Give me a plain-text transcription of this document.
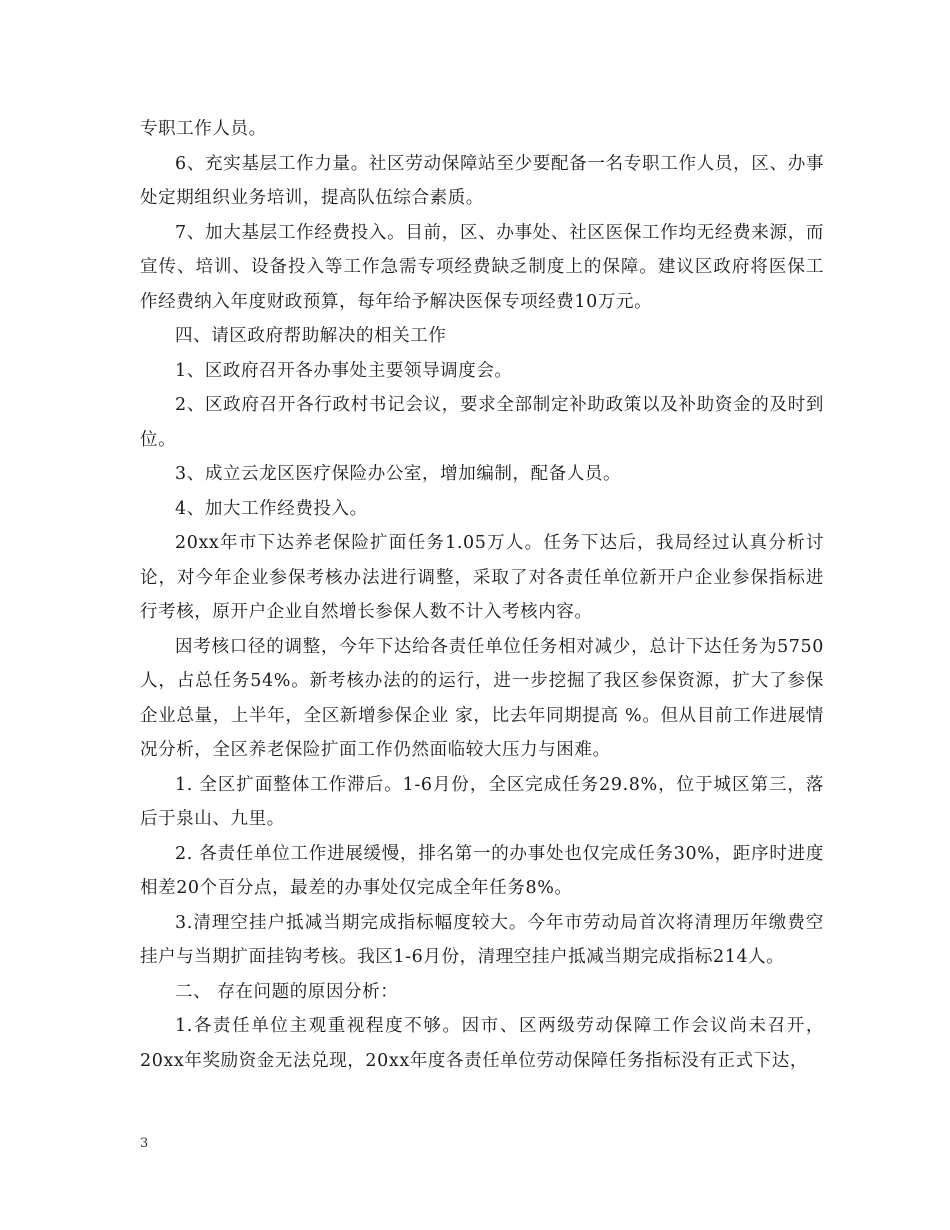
专职工作人员。

6、充实基层工作力量。社区劳动保障站至少要配备一名专职工作人员，区、办事处定期组织业务培训，提高队伍综合素质。

7、加大基层工作经费投入。目前，区、办事处、社区医保工作均无经费来源，而宣传、培训、设备投入等工作急需专项经费缺乏制度上的保障。建议区政府将医保工作经费纳入年度财政预算，每年给予解决医保专项经费10万元。

四、请区政府帮助解决的相关工作

1、区政府召开各办事处主要领导调度会。

2、区政府召开各行政村书记会议，要求全部制定补助政策以及补助资金的及时到位。

3、成立云龙区医疗保险办公室，增加编制，配备人员。

4、加大工作经费投入。

20xx年市下达养老保险扩面任务1.05万人。任务下达后，我局经过认真分析讨论，对今年企业参保考核办法进行调整，采取了对各责任单位新开户企业参保指标进行考核，原开户企业自然增长参保人数不计入考核内容。

因考核口径的调整，今年下达给各责任单位任务相对减少，总计下达任务为5750人，占总任务54%。新考核办法的的运行，进一步挖掘了我区参保资源，扩大了参保企业总量，上半年，全区新增参保企业 家，比去年同期提高 %。但从目前工作进展情况分析，全区养老保险扩面工作仍然面临较大压力与困难。

1. 全区扩面整体工作滞后。1-6月份，全区完成任务29.8%，位于城区第三，落后于泉山、九里。

2. 各责任单位工作进展缓慢，排名第一的办事处也仅完成任务30%，距序时进度相差20个百分点，最差的办事处仅完成全年任务8%。

3.清理空挂户抵减当期完成指标幅度较大。今年市劳动局首次将清理历年缴费空挂户与当期扩面挂钩考核。我区1-6月份，清理空挂户抵减当期完成指标214人。

二、 存在问题的原因分析：

1.各责任单位主观重视程度不够。因市、区两级劳动保障工作会议尚未召开，20xx年奖励资金无法兑现，20xx年度各责任单位劳动保障任务指标没有正式下达，

3
